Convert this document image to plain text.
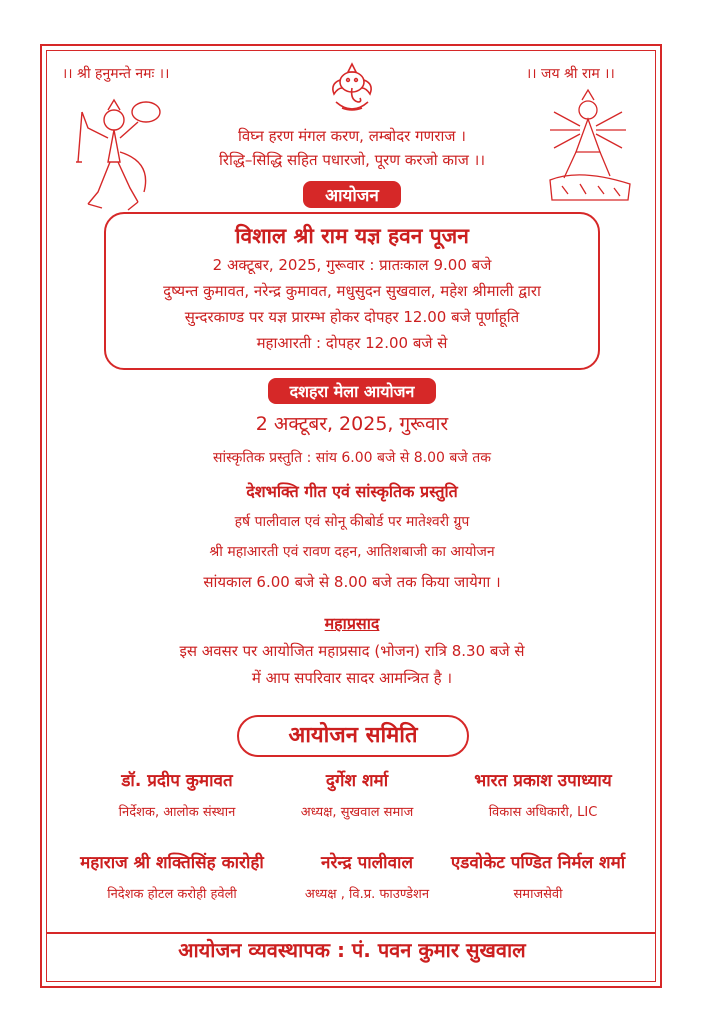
।। श्री हनुमन्ते नमः ।।	।। जय श्री राम ।।
विघ्न हरण मंगल करण, लम्बोदर गणराज ।
रिद्धि–सिद्धि सहित पधारजो, पूरण करजो काज ।।
आयोजन
विशाल श्री राम यज्ञ हवन पूजन
2 अक्टूबर, 2025, गुरूवार : प्रातःकाल 9.00 बजे
दुष्यन्त कुमावत, नरेन्द्र कुमावत, मधुसुदन सुखवाल, महेश श्रीमाली द्वारा
सुन्दरकाण्ड पर यज्ञ प्रारम्भ होकर दोपहर 12.00 बजे पूर्णाहूति
महाआरती : दोपहर 12.00 बजे से
दशहरा मेला आयोजन
2 अक्टूबर, 2025, गुरूवार
सांस्कृतिक प्रस्तुति : सांय 6.00 बजे से 8.00 बजे तक
देशभक्ति गीत एवं सांस्कृतिक प्रस्तुति
हर्ष पालीवाल एवं सोनू कीबोर्ड पर मातेश्वरी ग्रुप
श्री महाआरती एवं रावण दहन, आतिशबाजी का आयोजन
सांयकाल 6.00 बजे से 8.00 बजे तक किया जायेगा ।
महाप्रसाद
इस अवसर पर आयोजित महाप्रसाद (भोजन) रात्रि 8.30 बजे से
में आप सपरिवार सादर आमन्त्रित है ।
आयोजन समिति
डॉ. प्रदीप कुमावत
निर्देशक, आलोक संस्थान
दुर्गेश शर्मा
अध्यक्ष, सुखवाल समाज
भारत प्रकाश उपाध्याय
विकास अधिकारी, LIC
महाराज श्री शक्तिसिंह कारोही
निदेशक होटल करोही हवेली
नरेन्द्र पालीवाल
अध्यक्ष , वि.प्र. फाउण्डेशन
एडवोकेट पण्डित निर्मल शर्मा
समाजसेवी
आयोजन व्यवस्थापक : पं. पवन कुमार सुखवाल
